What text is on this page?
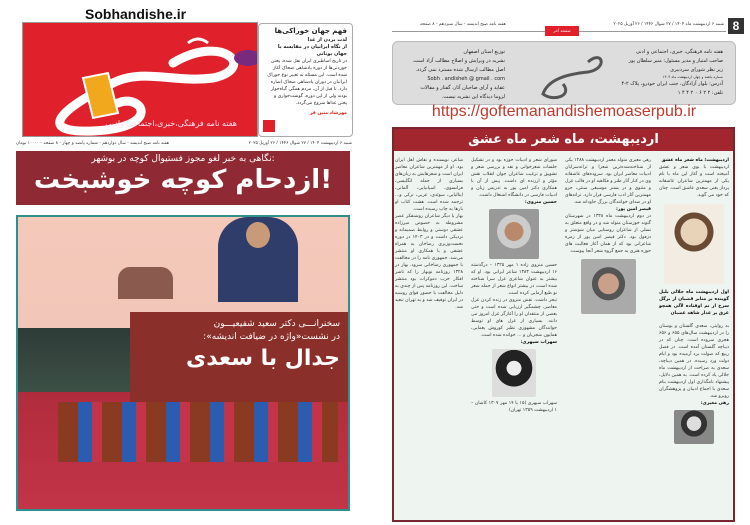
Sobhandishe.ir
هفته نامه فرهنگی،خبری،اجتماعی وادبی
فهم جهان خوراکی‌ها
لذت بردن از غذا
از نگاه ایرانیان در مقایسه با جهان یونانی

در تاریخ اساطیری ایران نقل شده، پختن خوردنی‌ها از دوره پادشاهی ضحاک آغاز شده است. این مسئله به تغییر نوع خوراک ایرانیان در دوران پادشاهی ضحاک اشاره دارد. تا قبل از آن، مردم همگی گیاه‌خوار بودند ولی از این دوره، گوشت‌خواری و پختن غذاها شروع می‌گردد.

مهرشاد متین فر
شنبه ۶ اردیبهشت ۱۴۰۴ / ۲۷ شوال ۱۴۴۶ / ۲۶ آوریل ۲۰۲۵
هفته نامه صبح اندیشه - سال دوازدهم - شماره پانصد و چهار - ۸ صفحه - ۱۰۰۰۰ تومان
نگاهی به خبر لغو مجوز فستیوال کوچه در بوشهر:
ازدحام کوچه خوشبخت!
سخنرانـــی دکتر سعید شفیعیـــون
در نشست«واژه در ضیافت اندیشه»:
جدال با سعدی
8
شنبه ۶ اردیبهشت ماه ۱۴۰۴ / ۲۷ شوال ۱۴۴۶ / ۲۶ آوریل ۲۰۲۵
هفته نامه صبح اندیشه - سال سیزدهم - ۸ صفحه
صفحه آخر
هفته نامه فرهنگی، خبری، اجتماعی و ادبی
صاحب امتیاز و مدیر مسئول: منیر سلطان پور
زیر نظر شورای سردبیری
شماره پانصد و چهار، اردیبهشت ماه ۱۴۰۴
آدرس: بلوار آزادگان، جنب ایران خودرو، پلاک ۲-۴
تلفن: ۲ ۲ ۶ ۰ ۲ ۴ ۴ ۱
توزیع استان اصفهان
نشریه در ویرایش و اصلاح مطالب آزاد است.
اصل مطالب ارسال شده مسترد نمی گردد.
Sobh . andisheh @ gmail . com
عقاید و آرای صاحبان آثار، گفتار و مقالات
لزوما دیدگاه این نشریه نیست.
https://goftemanandishemoaserpub.ir
اردیبهشت، ماه شعر ماه عشق
اردیبهشت؛ ماه شعر ماه عشق

اردیبهشت با بوی شعر و عشق آمیخته است و آغاز این ماه با نام یکی از مهمترین شاعران عاشقانه پرداز یعنی سعدی عاشق است. چنان که خود می گوید.

اول اردیبهشت ماه جلالی بلبل گوینده بر منابر قضبان از برگل سرخ از نم اوفتاده لآلی همچو عرق بر عذار شاهد غضبان

به روایتی، سعدی گلستان و بوستان را در اردیبهشت سال‌های ۶۵۵ و ۶۵۶ هجری سروده است. چنان که در دیباچه گلستان آمده است. در فصل ربیع که صولت برد آرمیده بود و ایام دولت ورد رسیده. در همین دیباچه، سعدی به صراحت از اردیبهشت ماه جلالی یاد کرده است. به همین دلایل، پیشنهاد نامگذاری اول اردیبهشت بنام سعدی با اجماع ادیبان و پژوهشگران روبرو شد.

رهی معیری:

رهی معیری متولد معمر اردیبهشت ۱۲۸۸ یکی از شناخته‌شده‌ترین شعرا و ترانه‌سرایان ادبیات معاصر ایران بود. سروده‌های عاشقانه وی در کنار آثار طنز و فکاهیه او در قالب غزل و مثنوی و در بستر موسیقی سنتی، جزو مهمترین آثار ادب فارسی قرار دارد. ترانه‌های او در صدای خوانندگان بزرگ جاودانه شد.

قیصر امین پور:

در دوم اردیبهشت ماه ۱۳۳۸ در شهرستان گتوند خوزستان متولد شد و در واقع متعلق به نسلی از شاعران روستایی میان شوشتر و دزفول بود. دکتر قیصر امین پور از زمره شاعرانی بود که از همان آغاز فعالیت های حوزه هنری به جمع گروه شعر آنجا پیوست.

شورای شعر و ادبیات حوزه بود و در تشکیل جلسات شعرخوانی و نقد و بررسی شعر و تشویق و ترغیب شاعران جوان انقلاب نقش مؤثر و ارزنده ای داشت. پیش از آن با همکاری دکتر امین پور به تدریس زبان و ادبیات فارسی در دانشگاه اشتغال داشت.

حسین منزوی:

حسین منزوی زاده ۱ مهر ۱۳۲۵ – درگذشته ۱۶ اردیبهشت ۱۳۸۳ شاعر ایرانی بود. او که بیشتر به عنوان شاعری غزل سرا شناخته شده است، در بیشتر انواع شعر از جمله شعر نو طبع آزمایی کرده است.

تبحر داشت. نقش منزوی در زنده کردن غزل معاصر، چشمگیر ارزیابی شده است و حتی بعضی از منتقدان او را آغازگر غزل امروز می دانند. بسیاری از غزل های او توسط خوانندگان مشهوری نظیر کوروش یغمایی، همایون شجریان و ... خوانده شده است.

سهراب سپهری:

سهراب سپهری (۱۵ یا ۱۴ مهر ۱۳۰۷ کاشان – ۱ اردیبهشت ۱۳۵۹ تهران)

شاعر، نویسنده و نقاش اهل ایران بود. او از مهمترین شاعران معاصر ایران است و شعرهایش به زبان‌های بسیاری از جمله انگلیسی، فرانسوی، اسپانیایی، آلمانی، ایتالیایی، سوئدی، عربی، ترکی و... ترجمه شده است. هشت کتاب او بارها به چاپ رسیده است.

بهار یا دیگر شاعران روشنفکر عصر مشروطه به خصوص میرزاده عشقی دوستی و روابط صمیمانه و نزدیکی داشت و در ۱۴۰۳ در دوره نخست‌وزیری رضاخان به همراه عشقی و با همکاری او منتشر می‌شد. جمهوری نامه را در مخالفت با جمهوری رضاخانی سرود. بهار در ۱۳۲۸ روزنامه نوبهار را که ناشر افکار حزب دموکرات بود منتشر ساخت. این روزنامه پس از چندی به دلیل مخالفت با حضور قوای روسیه در ایران توقیف شد و به تهران تبعید شد.
